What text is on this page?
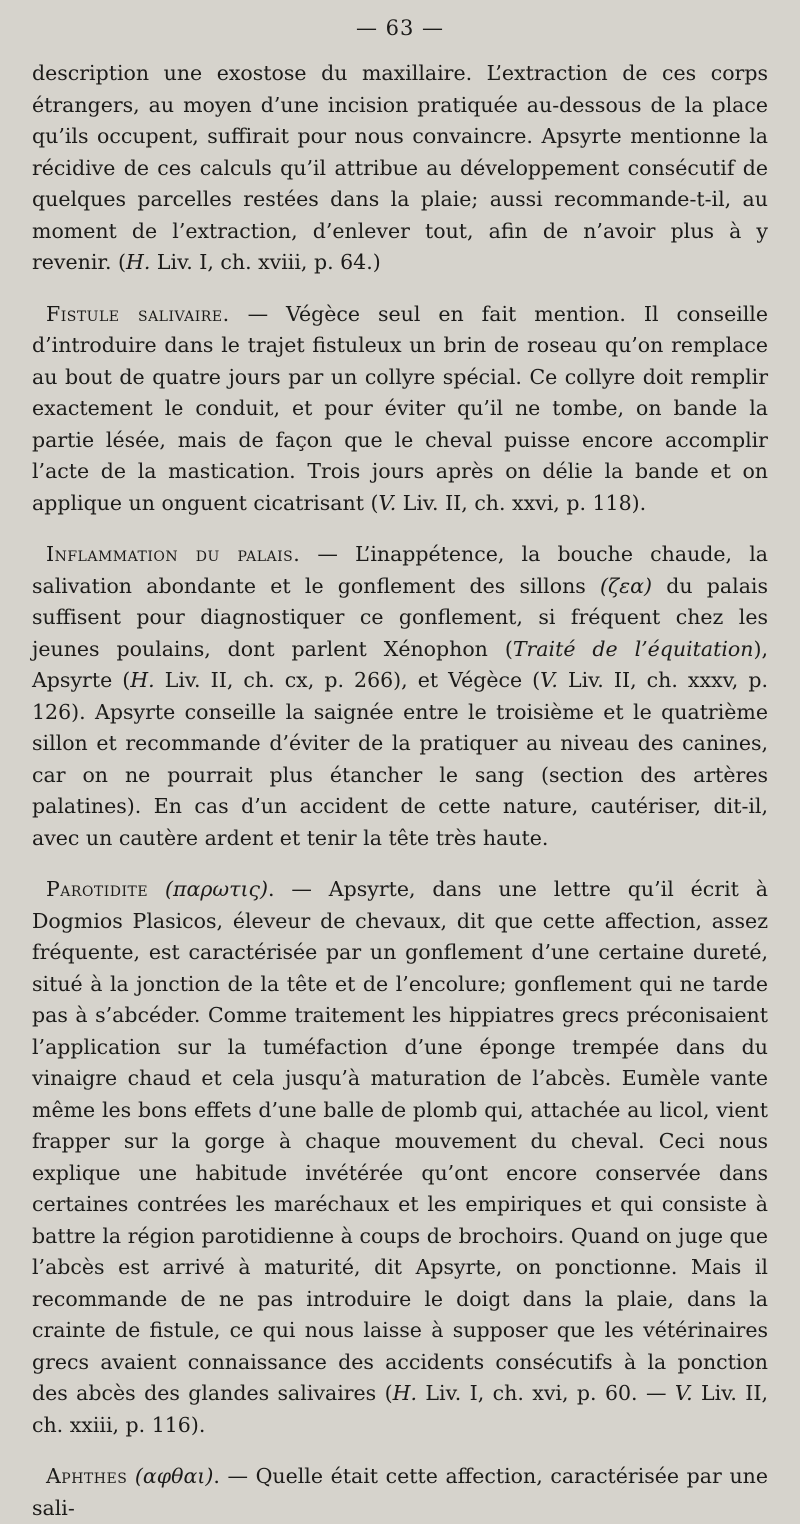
— 63 —

description une exostose du maxillaire. L’extraction de ces corps étrangers, au moyen d’une incision pratiquée au-dessous de la place qu’ils occupent, suffirait pour nous convaincre. Apsyrte mentionne la récidive de ces calculs qu’il attribue au développement consécutif de quelques parcelles restées dans la plaie; aussi recommande-t-il, au moment de l’extraction, d’enlever tout, afin de n’avoir plus à y revenir. (H. Liv. I, ch. xviii, p. 64.)

Fistule salivaire. — Végèce seul en fait mention. Il conseille d’introduire dans le trajet fistuleux un brin de roseau qu’on remplace au bout de quatre jours par un collyre spécial. Ce collyre doit remplir exactement le conduit, et pour éviter qu’il ne tombe, on bande la partie lésée, mais de façon que le cheval puisse encore accomplir l’acte de la mastication. Trois jours après on délie la bande et on applique un onguent cicatrisant (V. Liv. II, ch. xxvi, p. 118).

Inflammation du palais. — L’inappétence, la bouche chaude, la salivation abondante et le gonflement des sillons (ζεα) du palais suffisent pour diagnostiquer ce gonflement, si fréquent chez les jeunes poulains, dont parlent Xénophon (Traité de l’équitation), Apsyrte (H. Liv. II, ch. cx, p. 266), et Végèce (V. Liv. II, ch. xxxv, p. 126). Apsyrte conseille la saignée entre le troisième et le quatrième sillon et recommande d’éviter de la pratiquer au niveau des canines, car on ne pourrait plus étancher le sang (section des artères palatines). En cas d’un accident de cette nature, cautériser, dit-il, avec un cautère ardent et tenir la tête très haute.

Parotidite (παρωτις). — Apsyrte, dans une lettre qu’il écrit à Dogmios Plasicos, éleveur de chevaux, dit que cette affection, assez fréquente, est caractérisée par un gonflement d’une certaine dureté, situé à la jonction de la tête et de l’encolure; gonflement qui ne tarde pas à s’abcéder. Comme traitement les hippiatres grecs préconisaient l’application sur la tuméfaction d’une éponge trempée dans du vinaigre chaud et cela jusqu’à maturation de l’abcès. Eumèle vante même les bons effets d’une balle de plomb qui, attachée au licol, vient frapper sur la gorge à chaque mouvement du cheval. Ceci nous explique une habitude invétérée qu’ont encore conservée dans certaines contrées les maréchaux et les empiriques et qui consiste à battre la région parotidienne à coups de brochoirs. Quand on juge que l’abcès est arrivé à maturité, dit Apsyrte, on ponctionne. Mais il recommande de ne pas introduire le doigt dans la plaie, dans la crainte de fistule, ce qui nous laisse à supposer que les vétérinaires grecs avaient connaissance des accidents consécutifs à la ponction des abcès des glandes salivaires (H. Liv. I, ch. xvi, p. 60. — V. Liv. II, ch. xxiii, p. 116).

Aphthes (αφθαι). — Quelle était cette affection, caractérisée par une sali-
